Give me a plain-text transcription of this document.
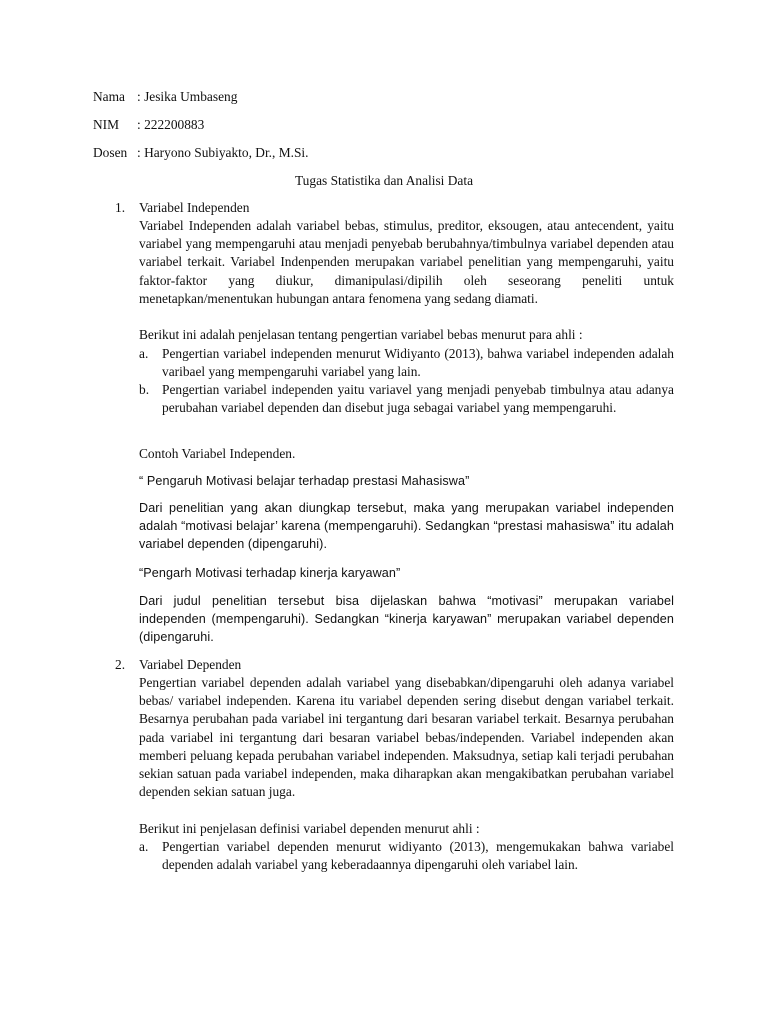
Nama : Jesika Umbaseng
NIM : 222200883
Dosen : Haryono Subiyakto, Dr., M.Si.
Tugas Statistika dan Analisi Data
1. Variabel Independen
Variabel Independen adalah variabel bebas, stimulus, preditor, eksougen, atau antecendent, yaitu variabel yang mempengaruhi atau menjadi penyebab berubahnya/timbulnya variabel dependen atau variabel terkait. Variabel Indenpenden merupakan variabel penelitian yang mempengaruhi, yaitu faktor-faktor yang diukur, dimanipulasi/dipilih oleh seseorang peneliti untuk menetapkan/menentukan hubungan antara fenomena yang sedang diamati.
Berikut ini adalah penjelasan tentang pengertian variabel bebas menurut para ahli :
a. Pengertian variabel independen menurut Widiyanto (2013), bahwa variabel independen adalah varibael yang mempengaruhi variabel yang lain.
b. Pengertian variabel independen yaitu variavel yang menjadi penyebab timbulnya atau adanya perubahan variabel dependen dan disebut juga sebagai variabel yang mempengaruhi.
Contoh Variabel Independen.
“ Pengaruh Motivasi belajar terhadap prestasi Mahasiswa”
Dari penelitian yang akan diungkap tersebut, maka yang merupakan variabel independen adalah “motivasi belajar’ karena (mempengaruhi). Sedangkan “prestasi mahasiswa” itu adalah variabel dependen (dipengaruhi).
“Pengarh Motivasi terhadap kinerja karyawan”
Dari judul penelitian tersebut bisa dijelaskan bahwa “motivasi” merupakan variabel independen (mempengaruhi). Sedangkan “kinerja karyawan” merupakan variabel dependen (dipengaruhi.
2. Variabel Dependen
Pengertian variabel dependen adalah variabel yang disebabkan/dipengaruhi oleh adanya variabel bebas/ variabel independen. Karena itu variabel dependen sering disebut dengan variabel terkait. Besarnya perubahan pada variabel ini tergantung dari besaran variabel terkait. Besarnya perubahan pada variabel ini tergantung dari besaran variabel bebas/independen. Variabel independen akan memberi peluang kepada perubahan variabel independen. Maksudnya, setiap kali terjadi perubahan sekian satuan pada variabel independen, maka diharapkan akan mengakibatkan perubahan variabel dependen sekian satuan juga.
Berikut ini penjelasan definisi variabel dependen menurut ahli :
a. Pengertian variabel dependen menurut widiyanto (2013), mengemukakan bahwa variabel dependen adalah variabel yang keberadaannya dipengaruhi oleh variabel lain.
